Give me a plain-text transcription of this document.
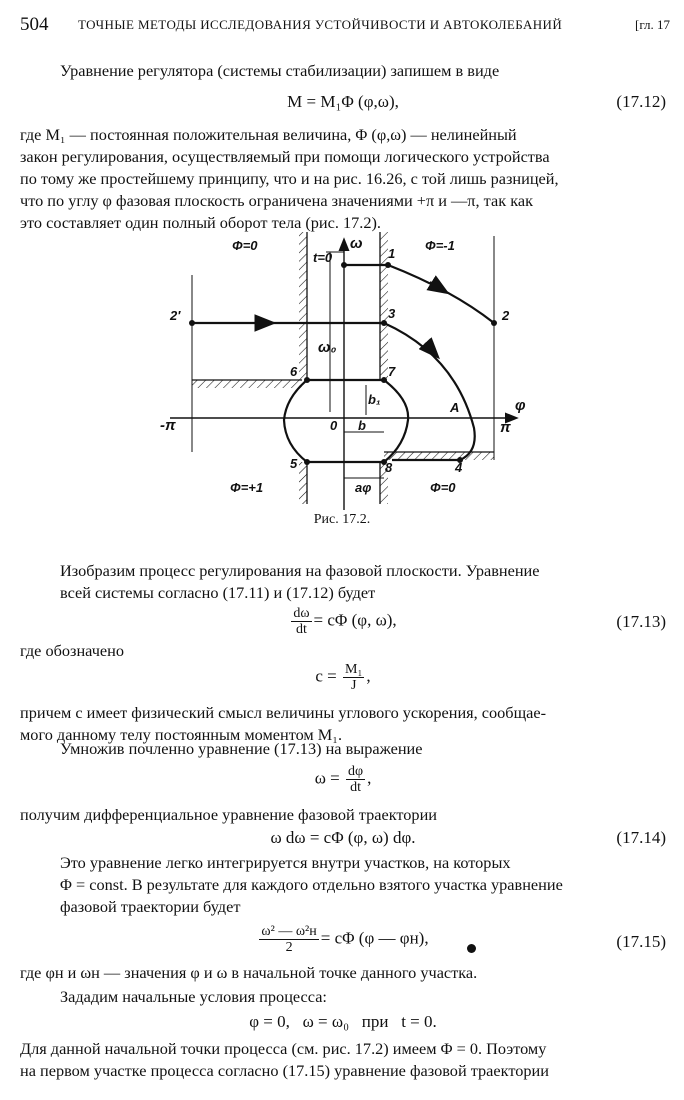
504 ТОЧНЫЕ МЕТОДЫ ИССЛЕДОВАНИЯ УСТОЙЧИВОСТИ И АВТОКОЛЕБАНИЙ	[гл. 17
Уравнение регулятора (системы стабилизации) запишем в виде
M = M₁Φ (φ,ω),	(17.12)
где M₁ — постоянная положительная величина, Φ (φ,ω) — нелинейный
закон регулирования, осуществляемый при помощи логического устройства
по тому же простейшему принципу, что и на рис. 16.26, с той лишь разницей,
что по углу φ фазовая плоскость ограничена значениями +π и —π, так как
это составляет один полный оборот тела (рис. 17.2).
Φ=0	Φ=-1
t=0
ω
1
2
2′	3
ω₀
6	7
φ
A
b₁
-π	0 b	π
5	8	4
Φ=+1	aφ	Φ=0
Рис. 17.2.
Изобразим процесс регулирования на фазовой плоскости. Уравнение
всей системы согласно (17.11) и (17.12) будет
$\frac{d\omega}{dt} = c\Phi$ (φ, ω),	(17.13)
где обозначено
$c = \frac{\text{M₁}}{J}$ ,
причем c имеет физический смысл величины углового ускорения, сообщае-
мого данному телу постоянным моментом M₁.
Умножив почленно уравнение (17.13) на выражение
$\omega = \frac{d\varphi}{dt}$ ,
получим дифференциальное уравнение фазовой траектории
ω dω = cΦ (φ, ω) dφ.	(17.14)
Это уравнение легко интегрируется внутри участков, на которых
Φ = const. В результате для каждого отдельно взятого участка уравнение
фазовой траектории будет
$\frac{\text{ω² — ω²н}}{2} = c\Phi$ (φ — φн),	(17.15)
где φн и ωн — значения φ и ω в начальной точке данного участка.
Зададим начальные условия процесса:
φ = 0,   ω = ω₀   при   t = 0.
Для данной начальной точки процесса (см. рис. 17.2) имеем Φ = 0. Поэтому
на первом участке процесса согласно (17.15) уравнение фазовой траектории
